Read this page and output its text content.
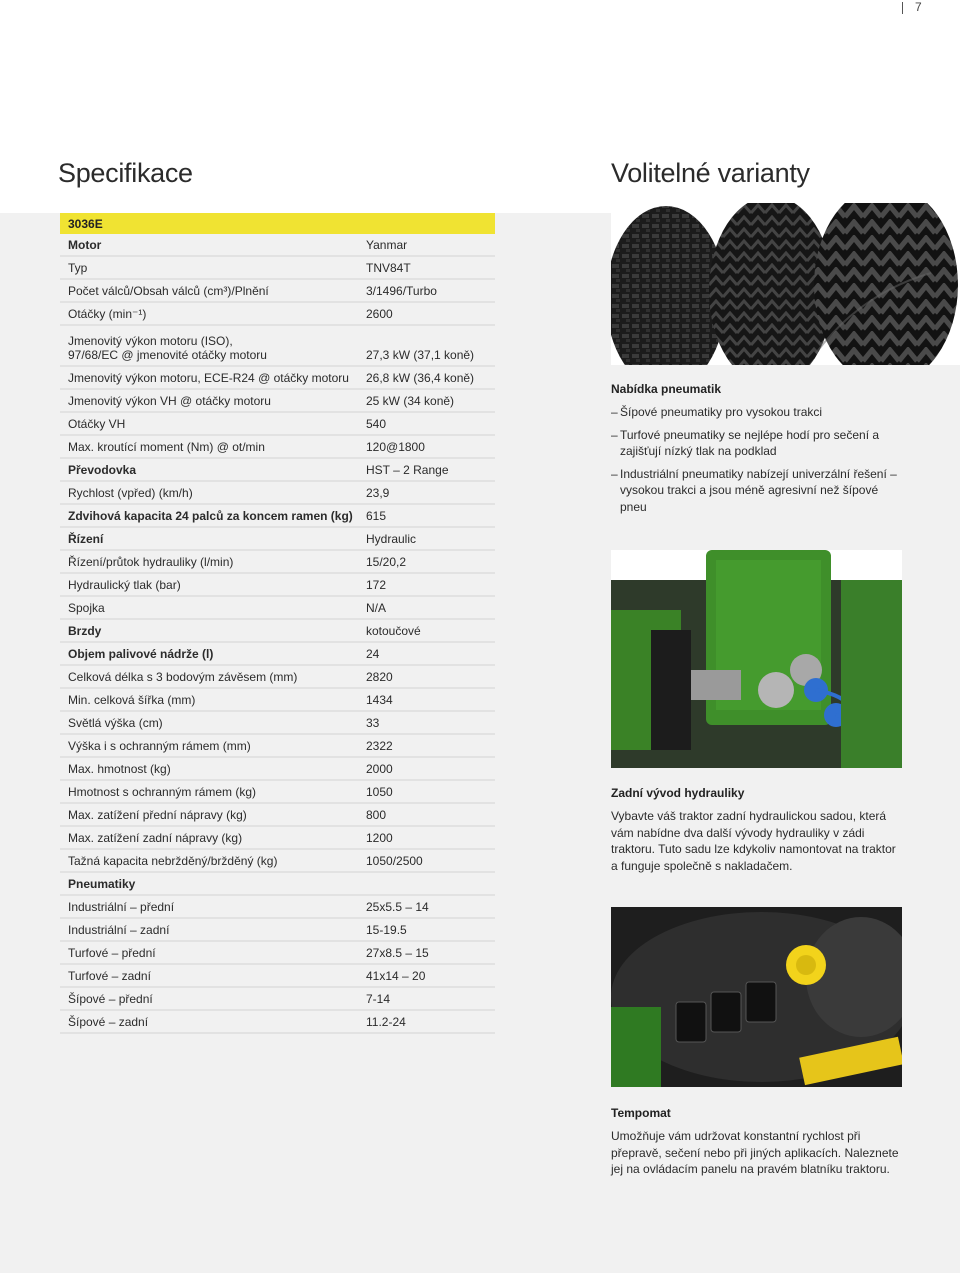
7
Specifikace	Volitelné varianty
3036E
Motor	Yanmar
Typ	TNV84T
Počet válců/Obsah válců (cm³)/Plnění	3/1496/Turbo
Otáčky (min⁻¹)	2600
Jmenovitý výkon motoru (ISO),
97/68/EC @ jmenovité otáčky motoru	27,3 kW (37,1 koně)
Jmenovitý výkon motoru, ECE-R24 @ otáčky motoru	26,8 kW (36,4 koně)
Jmenovitý výkon VH @ otáčky motoru	25 kW (34 koně)
Otáčky VH	540
Max. kroutící moment (Nm) @ ot/min	120@1800
Převodovka	HST – 2 Range
Rychlost (vpřed) (km/h)	23,9
Zdvihová kapacita 24 palců za koncem ramen (kg)	615
Řízení	Hydraulic
Řízení/průtok hydrauliky (l/min)	15/20,2
Hydraulický tlak (bar)	172
Spojka	N/A
Brzdy	kotoučové
Objem palivové nádrže (l)	24
Celková délka s 3 bodovým závěsem (mm)	2820
Min. celková šířka (mm)	1434
Světlá výška (cm)	33
Výška i s ochranným rámem (mm)	2322
Max. hmotnost (kg)	2000
Hmotnost s ochranným rámem (kg)	1050
Max. zatížení přední nápravy (kg)	800
Max. zatížení zadní nápravy (kg)	1200
Tažná kapacita nebržděný/bržděný (kg)	1050/2500
Pneumatiky
Industriální – přední	25x5.5 – 14
Industriální – zadní	15-19.5
Turfové – přední	27x8.5 – 15
Turfové – zadní	41x14 – 20
Šípové – přední	7-14
Šípové – zadní	11.2-24
Nabídka pneumatik
– Šípové pneumatiky pro vysokou trakci
– Turfové pneumatiky se nejlépe hodí pro sečení a zajišťují nízký tlak na podklad
– Industriální pneumatiky nabízejí univerzální řešení – vysokou trakci a jsou méně agresivní než šípové pneu
Zadní vývod hydrauliky
Vybavte váš traktor zadní hydraulickou sadou, která vám nabídne dva další vývody hydrauliky v zádi traktoru. Tuto sadu lze kdykoliv namontovat na traktor a funguje společně s nakladačem.
Tempomat
Umožňuje vám udržovat konstantní rychlost při přepravě, sečení nebo při jiných aplikacích. Naleznete jej na ovládacím panelu na pravém blatníku traktoru.
